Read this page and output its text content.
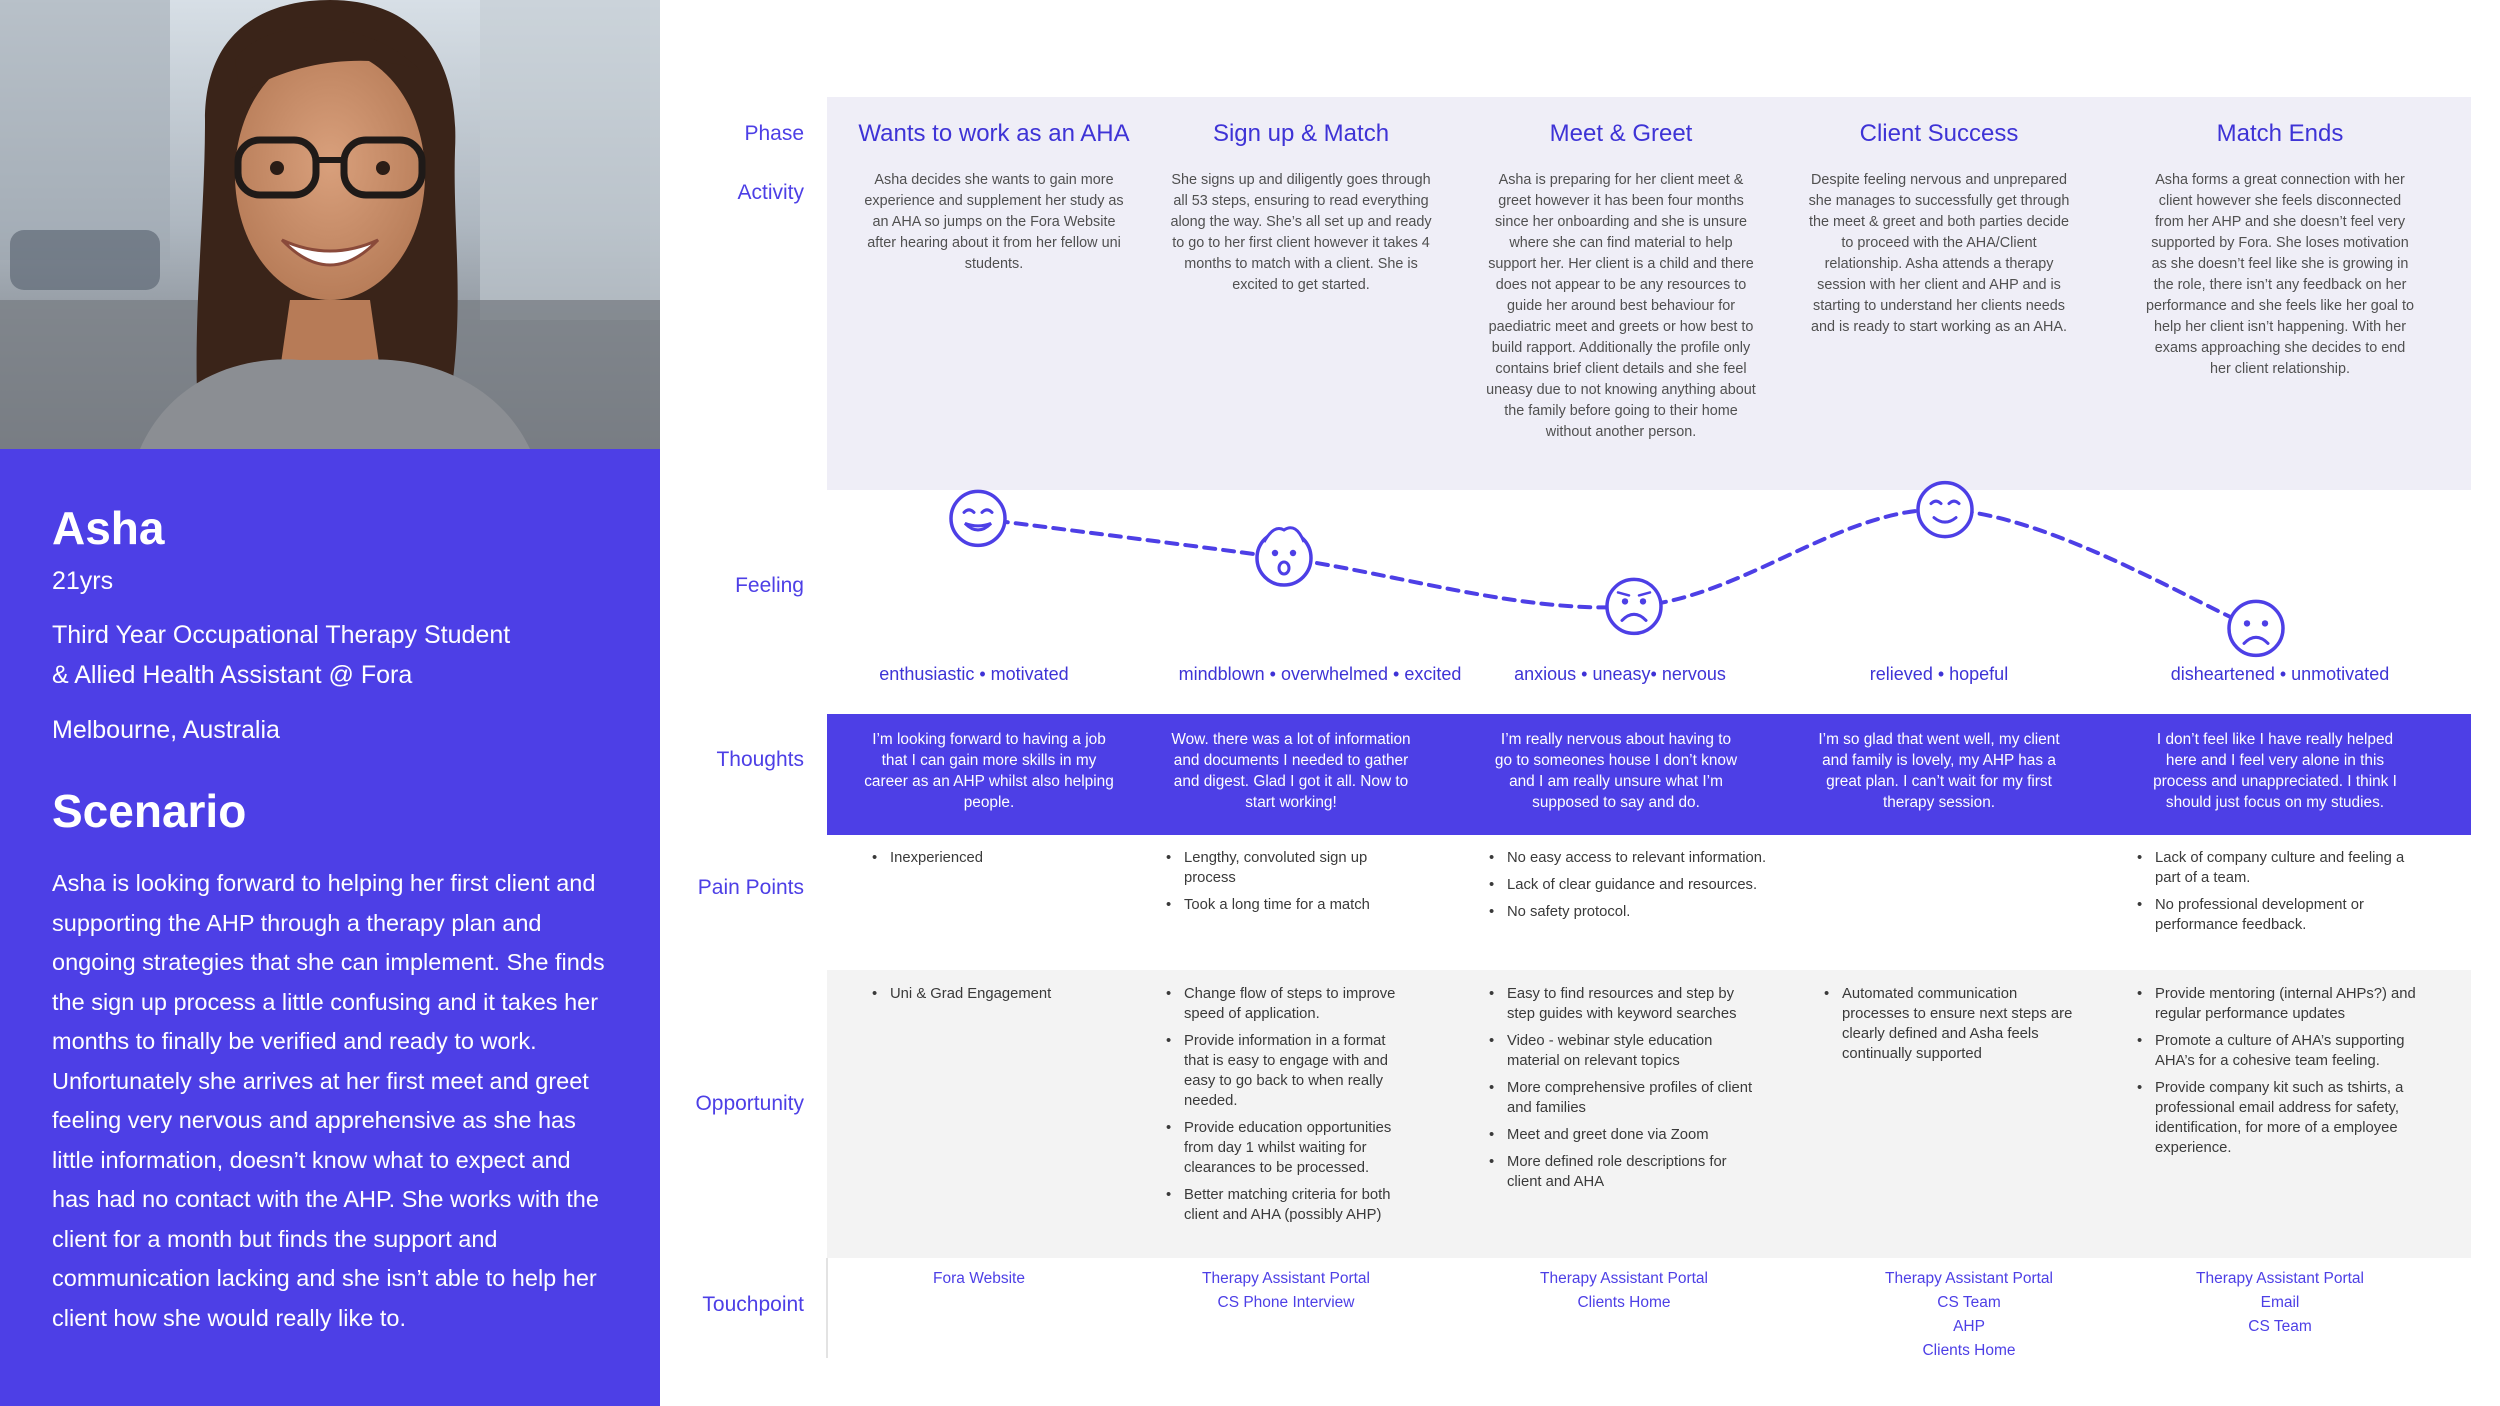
Asha
21yrs
Third Year Occupational Therapy Student
& Allied Health Assistant @ Fora
Melbourne, Australia
Scenario
Asha is looking forward to helping her first client and supporting the AHP through a therapy plan and ongoing strategies that she can implement. She finds the sign up process a little confusing and it takes her months to finally be verified and ready to work. Unfortunately she arrives at her first meet and greet feeling very nervous and apprehensive as she has little information, doesn’t know what to expect and has had no contact with the AHP. She works with the client for a month but finds the support and communication lacking and she isn’t able to help her client how she would really like to.
Phase
Activity
Feeling
Thoughts
Pain Points
Opportunity
Touchpoint
Wants to work as an AHA
Asha decides she wants to gain more experience and supplement her study as an AHA so jumps on the Fora Website after hearing about it from her fellow uni students.
enthusiastic • motivated
I’m looking forward to having a job that I can gain more skills in my career as an AHP whilst also helping people.
• Inexperienced
• Uni & Grad Engagement
Fora Website
Sign up & Match
She signs up and diligently goes through all 53 steps, ensuring to read everything along the way. She’s all set up and ready to go to her first client however it takes 4 months to match with a client. She is excited to get started.
mindblown • overwhelmed • excited
Wow. there was a lot of information and documents I needed to gather and digest. Glad I got it all. Now to start working!
• Lengthy, convoluted sign up process
• Took a long time for a match
• Change flow of steps to improve speed of application.
• Provide information in a format that is easy to engage with and easy to go back to when really needed.
• Provide education opportunities from day 1 whilst waiting for clearances to be processed.
• Better matching criteria for both client and AHA (possibly AHP)
Therapy Assistant Portal
CS Phone Interview
Meet & Greet
Asha is preparing for her client meet & greet however it has been four months since her onboarding and she is unsure where she can find material to help support her. Her client is a child and there does not appear to be any resources to guide her around best behaviour for paediatric meet and greets or how best to build rapport. Additionally the profile only contains brief client details and she feel uneasy due to not knowing anything about the family before going to their home without another person.
anxious • uneasy• nervous
I’m really nervous about having to go to someones house I don’t know and I am really unsure what I’m supposed to say and do.
• No easy access to relevant information.
• Lack of clear guidance and resources.
• No safety protocol.
• Easy to find resources and step by step guides with keyword searches
• Video - webinar style education material on relevant topics
• More comprehensive profiles of client and families
• Meet and greet done via Zoom
• More defined role descriptions for client and AHA
Therapy Assistant Portal
Clients Home
Client Success
Despite feeling nervous and unprepared she manages to successfully get through the meet & greet and both parties decide to proceed with the AHA/Client relationship. Asha attends a therapy session with her client and AHP and is starting to understand her clients needs and is ready to start working as an AHA.
relieved • hopeful
I’m so glad that went well, my client and family is lovely, my AHP has a great plan. I can’t wait for my first therapy session.
• Automated communication processes to ensure next steps are clearly defined and Asha feels continually supported
Therapy Assistant Portal
CS Team
AHP
Clients Home
Match Ends
Asha forms a great connection with her client however she feels disconnected from her AHP and she doesn’t feel very supported by Fora. She loses motivation as she doesn’t feel like she is growing in the role, there isn’t any feedback on her performance and she feels like her goal to help her client isn’t happening. With her exams approaching she decides to end her client relationship.
disheartened • unmotivated
I don’t feel like I have really helped here and I feel very alone in this process and unappreciated. I think I should just focus on my studies.
• Lack of company culture and feeling a part of a team.
• No professional development or performance feedback.
• Provide mentoring (internal AHPs?) and regular performance updates
• Promote a culture of AHA’s supporting AHA’s for a cohesive team feeling.
• Provide company kit such as tshirts, a professional email address for safety, identification, for more of a employee experience.
Therapy Assistant Portal
Email
CS Team
